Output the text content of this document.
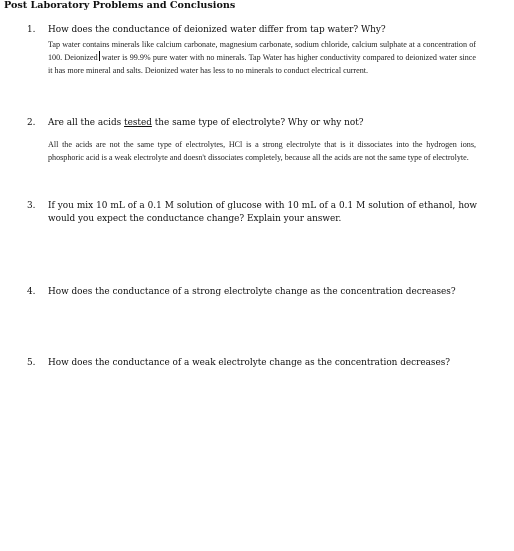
Post Laboratory Problems and Conclusions
1. How does the conductance of deionized water differ from tap water? Why?
Tap water contains minerals like calcium carbonate, magnesium carbonate, sodium chloride, calcium sulphate at a concentration of 100. Deionized water is 99.9% pure water with no minerals. Tap Water has higher conductivity compared to deionized water since it has more mineral and salts. Deionized water has less to no minerals to conduct electrical current.
2. Are all the acids tested the same type of electrolyte? Why or why not?
All the acids are not the same type of electrolytes, HCl is a strong electrolyte that is it dissociates into the hydrogen ions, phosphoric acid is a weak electrolyte and doesn't dissociates completely, because all the acids are not the same type of electrolyte.
3. If you mix 10 mL of a 0.1 M solution of glucose with 10 mL of a 0.1 M solution of ethanol, how would you expect the conductance change? Explain your answer.
4. How does the conductance of a strong electrolyte change as the concentration decreases?
5. How does the conductance of a weak electrolyte change as the concentration decreases?
